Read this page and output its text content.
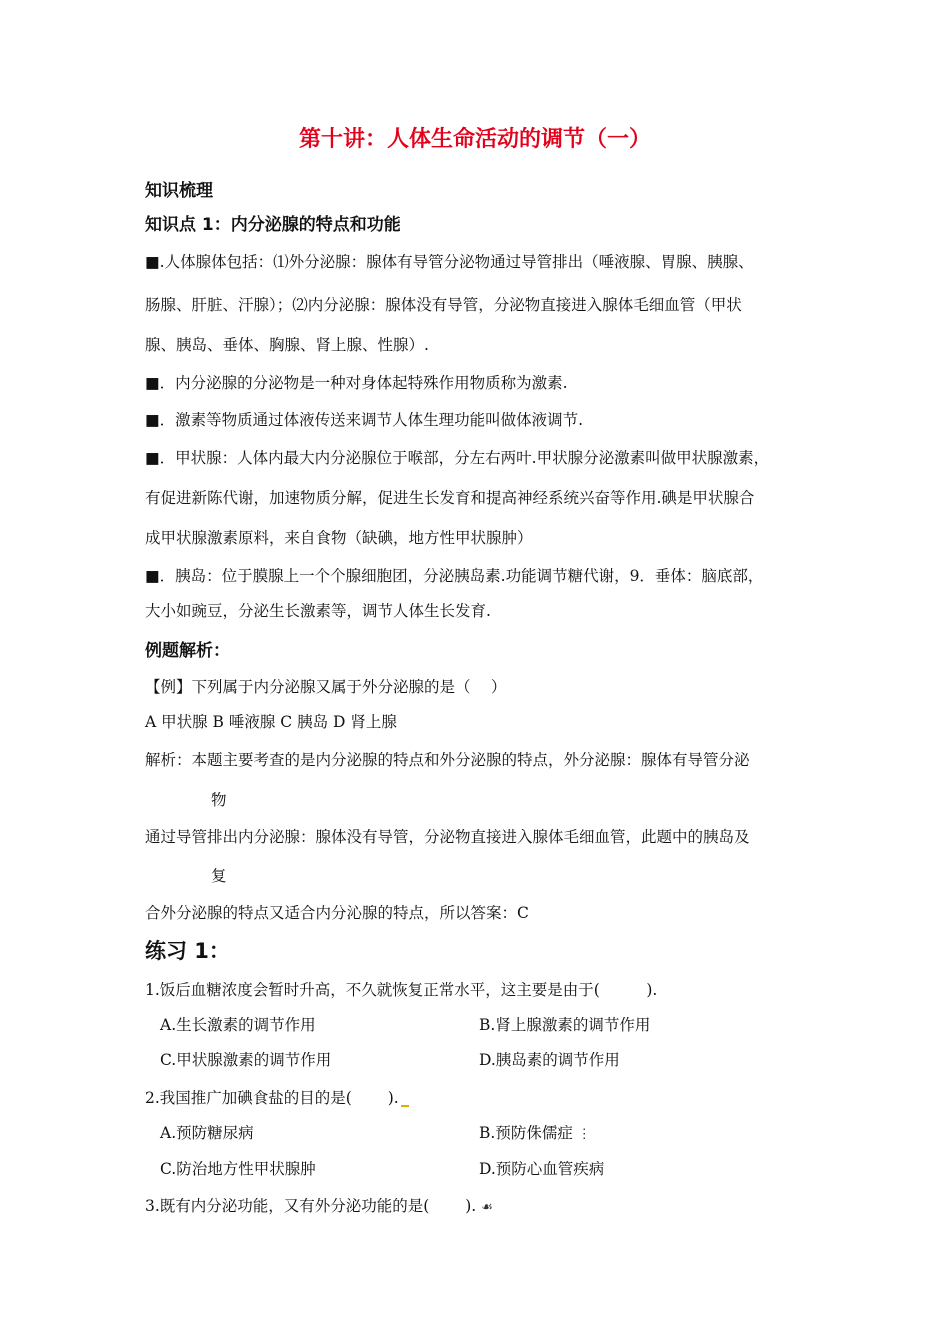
第十讲：人体生命活动的调节（一）
知识梳理
知识点 1：内分泌腺的特点和功能
■.人体腺体包括：⑴外分泌腺：腺体有导管分泌物通过导管排出（唾液腺、胃腺、胰腺、
肠腺、肝脏、汗腺）；⑵内分泌腺：腺体没有导管，分泌物直接进入腺体毛细血管（甲状
腺、胰岛、垂体、胸腺、肾上腺、性腺）.
■．内分泌腺的分泌物是一种对身体起特殊作用物质称为激素.
■．激素等物质通过体液传送来调节人体生理功能叫做体液调节.
■．甲状腺：人体内最大内分泌腺位于喉部，分左右两叶.甲状腺分泌激素叫做甲状腺激素，
有促进新陈代谢，加速物质分解，促进生长发育和提高神经系统兴奋等作用.碘是甲状腺合
成甲状腺激素原料，来自食物（缺碘，地方性甲状腺肿）
■．胰岛：位于膜腺上一个个腺细胞团，分泌胰岛素.功能调节糖代谢，9．垂体：脑底部，
大小如豌豆，分泌生长激素等，调节人体生长发育.
例题解析：
【例】下列属于内分泌腺又属于外分泌腺的是（　 ）
A 甲状腺 B 唾液腺 C 胰岛 D 肾上腺
解析：本题主要考查的是内分泌腺的特点和外分泌腺的特点，外分泌腺：腺体有导管分泌
物
通过导管排出内分泌腺：腺体没有导管，分泌物直接进入腺体毛细血管，此题中的胰岛及
复
合外分泌腺的特点又适合内分沁腺的特点，所以答案：C
练习 1：
1.饭后血糖浓度会暂时升高，不久就恢复正常水平，这主要是由于(　　　).
A.生长激素的调节作用	B.肾上腺激素的调节作用
C.甲状腺激素的调节作用	D.胰岛素的调节作用
2.我国推广加碘食盐的目的是(　　 ).
A.预防糖尿病	B.预防侏儒症 ⋮
C.防治地方性甲状腺肿	D.预防心血管疾病
3.既有内分泌功能，又有外分泌功能的是(　　 ). ☙
